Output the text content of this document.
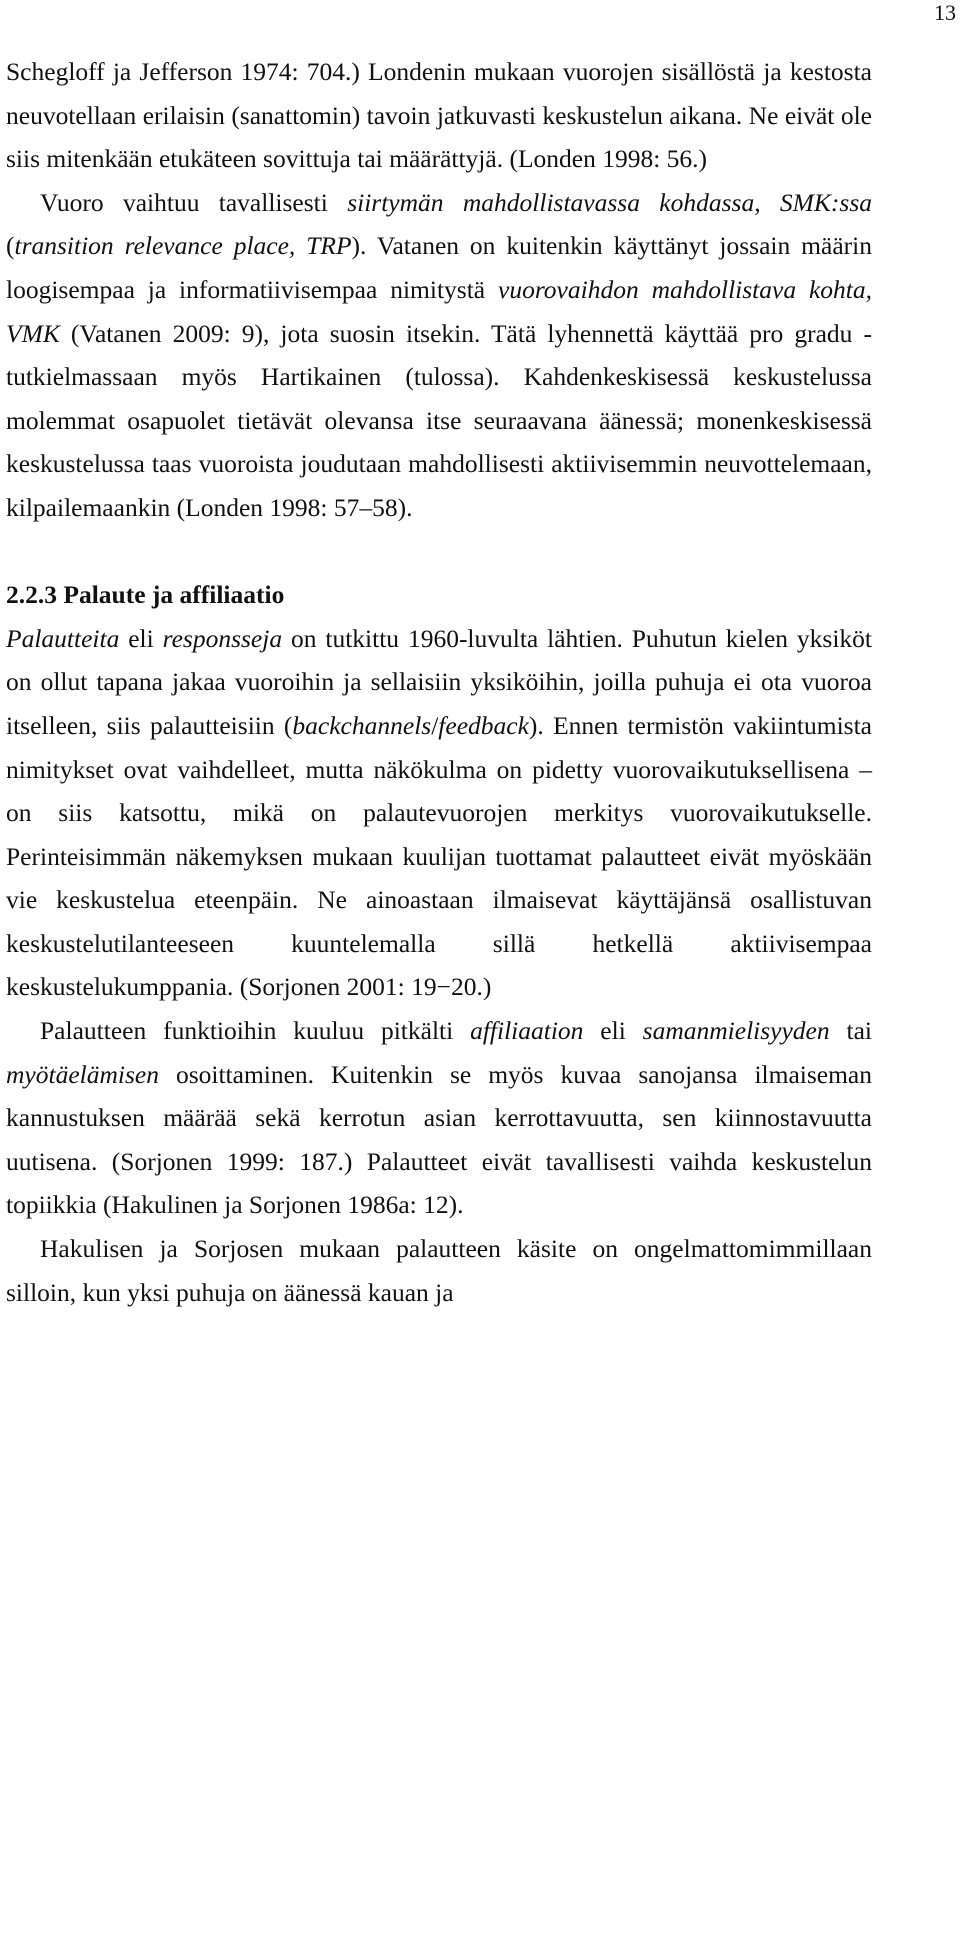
13

Schegloff ja Jefferson 1974: 704.) Londenin mukaan vuorojen sisällöstä ja kestosta neuvotellaan erilaisin (sanattomin) tavoin jatkuvasti keskustelun aikana. Ne eivät ole siis mitenkään etukäteen sovittuja tai määrättyjä. (Londen 1998: 56.)

Vuoro vaihtuu tavallisesti siirtymän mahdollistavassa kohdassa, SMK:ssa (transition relevance place, TRP). Vatanen on kuitenkin käyttänyt jossain määrin loogisempaa ja informatiivisempaa nimitystä vuorovaihdon mahdollistava kohta, VMK (Vatanen 2009: 9), jota suosin itsekin. Tätä lyhennettä käyttää pro gradu -tutkielmassaan myös Hartikainen (tulossa). Kahdenkeskisessä keskustelussa molemmat osapuolet tietävät olevansa itse seuraavana äänessä; monenkeskisessä keskustelussa taas vuoroista joudutaan mahdollisesti aktiivisemmin neuvottelemaan, kilpailemaankin (Londen 1998: 57–58).

2.2.3 Palaute ja affiliaatio

Palautteita eli responsseja on tutkittu 1960-luvulta lähtien. Puhutun kielen yksiköt on ollut tapana jakaa vuoroihin ja sellaisiin yksiköihin, joilla puhuja ei ota vuoroa itselleen, siis palautteisiin (backchannels/feedback). Ennen termistön vakiintumista nimitykset ovat vaihdelleet, mutta näkökulma on pidetty vuorovaikutuksellisena – on siis katsottu, mikä on palautevuorojen merkitys vuorovaikutukselle. Perinteisimmän näkemyksen mukaan kuulijan tuottamat palautteet eivät myöskään vie keskustelua eteenpäin. Ne ainoastaan ilmaisevat käyttäjänsä osallistuvan keskustelutilanteeseen kuuntelemalla sillä hetkellä aktiivisempaa keskustelukumppania. (Sorjonen 2001: 19−20.)

Palautteen funktioihin kuuluu pitkälti affiliaation eli samanmielisyyden tai myötäelämisen osoittaminen. Kuitenkin se myös kuvaa sanojansa ilmaiseman kannustuksen määrää sekä kerrotun asian kerrottavuutta, sen kiinnostavuutta uutisena. (Sorjonen 1999: 187.) Palautteet eivät tavallisesti vaihda keskustelun topiikkia (Hakulinen ja Sorjonen 1986a: 12).

Hakulisen ja Sorjosen mukaan palautteen käsite on ongelmattomimmillaan silloin, kun yksi puhuja on äänessä kauan ja
